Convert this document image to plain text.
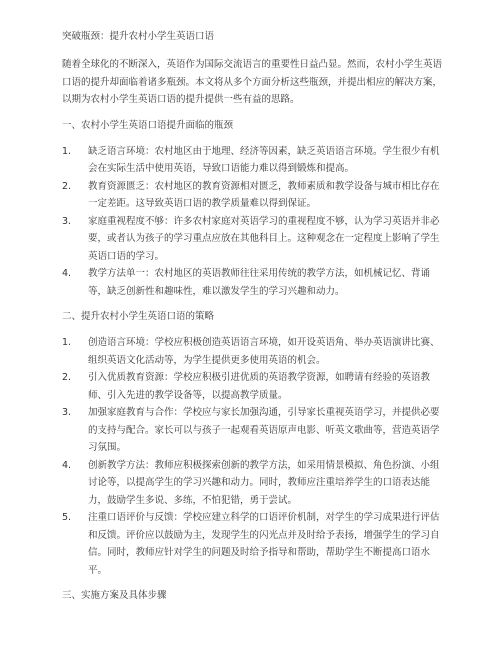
突破瓶颈：提升农村小学生英语口语

随着全球化的不断深入，英语作为国际交流语言的重要性日益凸显。然而，农村小学生英语口语的提升却面临着诸多瓶颈。本文将从多个方面分析这些瓶颈，并提出相应的解决方案，以期为农村小学生英语口语的提升提供一些有益的思路。

一、农村小学生英语口语提升面临的瓶颈
1.	缺乏语言环境：农村地区由于地理、经济等因素，缺乏英语语言环境。学生很少有机会在实际生活中使用英语，导致口语能力难以得到锻炼和提高。
2.	教育资源匮乏：农村地区的教育资源相对匮乏，教师素质和教学设备与城市相比存在一定差距。这导致英语口语的教学质量难以得到保证。
3.	家庭重视程度不够：许多农村家庭对英语学习的重视程度不够，认为学习英语并非必要，或者认为孩子的学习重点应放在其他科目上。这种观念在一定程度上影响了学生英语口语的学习。
4.	教学方法单一：农村地区的英语教师往往采用传统的教学方法，如机械记忆、背诵等，缺乏创新性和趣味性，难以激发学生的学习兴趣和动力。
二、提升农村小学生英语口语的策略
1.	创造语言环境：学校应积极创造英语语言环境，如开设英语角、举办英语演讲比赛、组织英语文化活动等，为学生提供更多使用英语的机会。
2.	引入优质教育资源：学校应积极引进优质的英语教学资源，如聘请有经验的英语教师、引入先进的教学设备等，以提高教学质量。
3.	加强家庭教育与合作：学校应与家长加强沟通，引导家长重视英语学习，并提供必要的支持与配合。家长可以与孩子一起观看英语原声电影、听英文歌曲等，营造英语学习氛围。
4.	创新教学方法：教师应积极探索创新的教学方法，如采用情景模拟、角色扮演、小组讨论等，以提高学生的学习兴趣和动力。同时，教师应注重培养学生的口语表达能力，鼓励学生多说、多练，不怕犯错，勇于尝试。
5.	注重口语评价与反馈：学校应建立科学的口语评价机制，对学生的学习成果进行评估和反馈。评价应以鼓励为主，发现学生的闪光点并及时给予表扬，增强学生的学习自信。同时，教师应针对学生的问题及时给予指导和帮助，帮助学生不断提高口语水平。
三、实施方案及具体步骤
